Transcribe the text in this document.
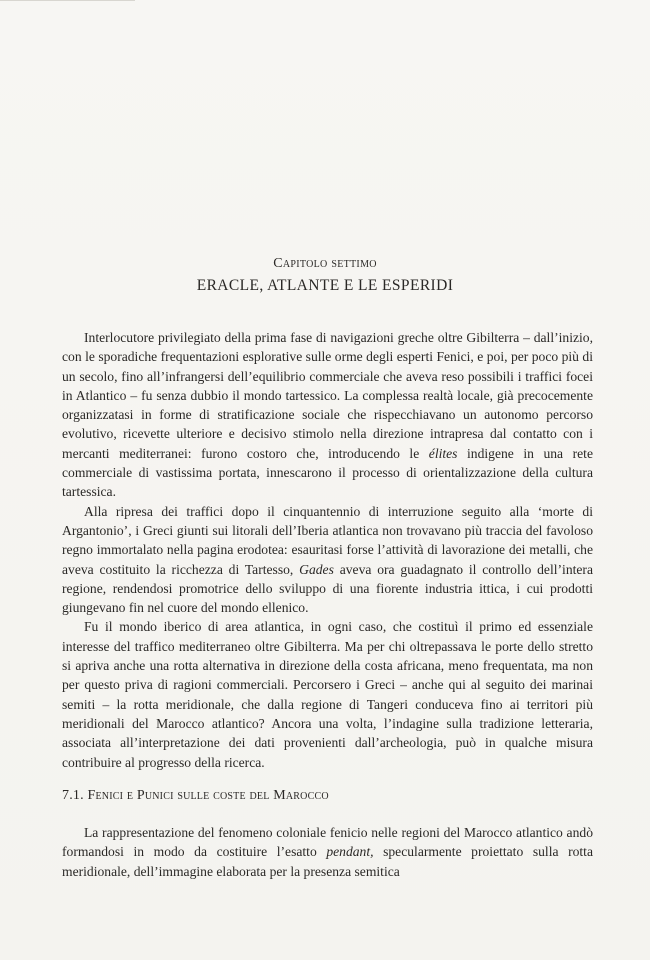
Capitolo settimo
ERACLE, ATLANTE E LE ESPERIDI

Interlocutore privilegiato della prima fase di navigazioni greche oltre Gibilterra – dall’inizio, con le sporadiche frequentazioni esplorative sulle orme degli esperti Fenici, e poi, per poco più di un secolo, fino all’infrangersi dell’equilibrio commerciale che aveva reso possibili i traffici focei in Atlantico – fu senza dubbio il mondo tartessico. La complessa realtà locale, già precocemente organizzatasi in forme di stratificazione sociale che rispecchiavano un autonomo percorso evolutivo, ricevette ulteriore e decisivo stimolo nella direzione intrapresa dal contatto con i mercanti mediterranei: furono costoro che, introducendo le élites indigene in una rete commerciale di vastissima portata, innescarono il processo di orientalizzazione della cultura tartessica.

Alla ripresa dei traffici dopo il cinquantennio di interruzione seguito alla ‘morte di Argantonio’, i Greci giunti sui litorali dell’Iberia atlantica non trovavano più traccia del favoloso regno immortalato nella pagina erodotea: esauritasi forse l’attività di lavorazione dei metalli, che aveva costituito la ricchezza di Tartesso, Gades aveva ora guadagnato il controllo dell’intera regione, rendendosi promotrice dello sviluppo di una fiorente industria ittica, i cui prodotti giungevano fin nel cuore del mondo ellenico.

Fu il mondo iberico di area atlantica, in ogni caso, che costituì il primo ed essenziale interesse del traffico mediterraneo oltre Gibilterra. Ma per chi oltrepassava le porte dello stretto si apriva anche una rotta alternativa in direzione della costa africana, meno frequentata, ma non per questo priva di ragioni commerciali. Percorsero i Greci – anche qui al seguito dei marinai semiti – la rotta meridionale, che dalla regione di Tangeri conduceva fino ai territori più meridionali del Marocco atlantico? Ancora una volta, l’indagine sulla tradizione letteraria, associata all’interpretazione dei dati provenienti dall’archeologia, può in qualche misura contribuire al progresso della ricerca.

7.1. Fenici e Punici sulle coste del Marocco

La rappresentazione del fenomeno coloniale fenicio nelle regioni del Marocco atlantico andò formandosi in modo da costituire l’esatto pendant, specularmente proiettato sulla rotta meridionale, dell’immagine elaborata per la presenza semitica
